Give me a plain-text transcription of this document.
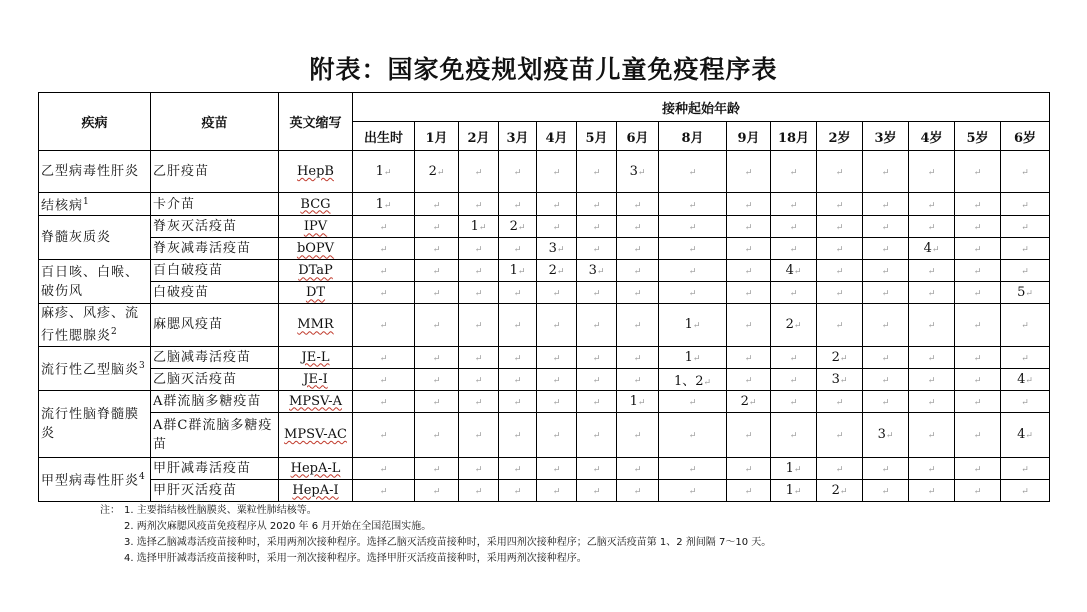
附表：国家免疫规划疫苗儿童免疫程序表
疾病	疫苗	英文缩写	接种起始年龄														
			出生时	1月	2月	3月	4月	5月	6月	8月	9月	18月	2岁	3岁	4岁	5岁	6岁
乙型病毒性肝炎	乙肝疫苗	HepB	1↵	2↵	↵	↵	↵	↵	3↵	↵	↵	↵	↵	↵	↵	↵	↵
结核病$^1$	卡介苗	BCG	1↵	↵	↵	↵	↵	↵	↵	↵	↵	↵	↵	↵	↵	↵	↵
脊髓灰质炎	脊灰灭活疫苗	IPV	↵	↵	1↵	2↵	↵	↵	↵	↵	↵	↵	↵	↵	↵	↵	↵
	脊灰减毒活疫苗	bOPV	↵	↵	↵	↵	3↵	↵	↵	↵	↵	↵	↵	↵	4↵	↵	↵
百日咳、白喉、破伤风	百白破疫苗	DTaP	↵	↵	↵	1↵	2↵	3↵	↵	↵	↵	4↵	↵	↵	↵	↵	↵
	白破疫苗	DT	↵	↵	↵	↵	↵	↵	↵	↵	↵	↵	↵	↵	↵	↵	5↵
麻疹、风疹、流行性腮腺炎$^2$	麻腮风疫苗	MMR	↵	↵	↵	↵	↵	↵	↵	1↵	↵	2↵	↵	↵	↵	↵	↵
流行性乙型脑炎$^3$	乙脑减毒活疫苗	JE-L	↵	↵	↵	↵	↵	↵	↵	1↵	↵	↵	2↵	↵	↵	↵	↵
	乙脑灭活疫苗	JE-I	↵	↵	↵	↵	↵	↵	↵	1、2↵	↵	↵	3↵	↵	↵	↵	4↵
流行性脑脊髓膜炎	A群流脑多糖疫苗	MPSV-A	↵	↵	↵	↵	↵	↵	1↵	↵	2↵	↵	↵	↵	↵	↵	↵
	A群C群流脑多糖疫苗	MPSV-AC	↵	↵	↵	↵	↵	↵	↵	↵	↵	↵	↵	3↵	↵	↵	4↵
甲型病毒性肝炎$^4$	甲肝减毒活疫苗	HepA-L	↵	↵	↵	↵	↵	↵	↵	↵	↵	1↵	↵	↵	↵	↵	↵
	甲肝灭活疫苗	HepA-I	↵	↵	↵	↵	↵	↵	↵	↵	↵	1↵	2↵	↵	↵	↵	↵
注： 1. 主要指结核性脑膜炎、粟粒性肺结核等。
2. 两剂次麻腮风疫苗免疫程序从 2020 年 6 月开始在全国范围实施。
3. 选择乙脑减毒活疫苗接种时，采用两剂次接种程序。选择乙脑灭活疫苗接种时，采用四剂次接种程序；乙脑灭活疫苗第 1、2 剂间隔 7～10 天。
4. 选择甲肝减毒活疫苗接种时，采用一剂次接种程序。选择甲肝灭活疫苗接种时，采用两剂次接种程序。
